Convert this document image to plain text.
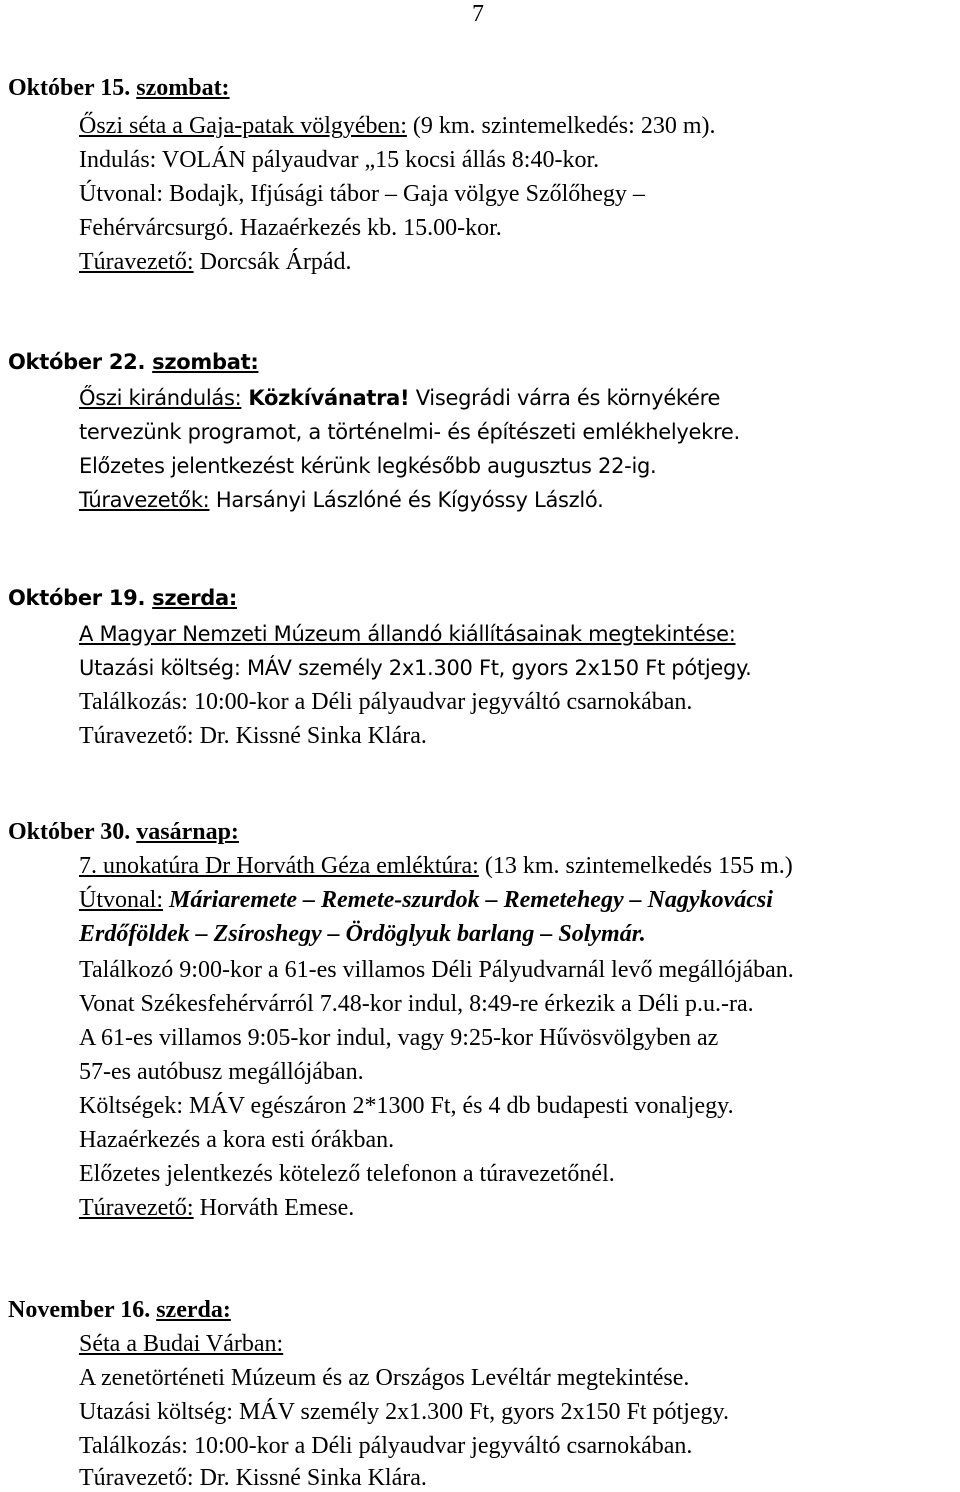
7
Október 15. szombat:
Őszi séta a Gaja-patak völgyében: (9 km. szintemelkedés: 230 m).
Indulás: VOLÁN pályaudvar „15 kocsi állás 8:40-kor.
Útvonal: Bodajk, Ifjúsági tábor – Gaja völgye Szőlőhegy –
Fehérvárcsurgó. Hazaérkezés kb. 15.00-kor.
Túravezető: Dorcsák Árpád.
Október 22. szombat:
Őszi kirándulás: Közkívánatra! Visegrádi várra és környékére
tervezünk programot, a történelmi- és építészeti emlékhelyekre.
Előzetes jelentkezést kérünk legkésőbb augusztus 22-ig.
Túravezetők: Harsányi Lászlóné és Kígyóssy László.
Október 19. szerda:
A Magyar Nemzeti Múzeum állandó kiállításainak megtekintése:
Utazási költség: MÁV személy 2x1.300 Ft, gyors 2x150 Ft pótjegy.
Találkozás: 10:00-kor a Déli pályaudvar jegyváltó csarnokában.
Túravezető: Dr. Kissné Sinka Klára.
Október 30. vasárnap:
7. unokatúra Dr Horváth Géza emléktúra: (13 km. szintemelkedés 155 m.)
Útvonal: Máriaremete – Remete-szurdok – Remetehegy – Nagykovácsi
Erdőföldek – Zsíroshegy – Ördöglyuk barlang – Solymár.
Találkozó 9:00-kor a 61-es villamos Déli Pályudvarnál levő megállójában.
Vonat Székesfehérvárról 7.48-kor indul, 8:49-re érkezik a Déli p.u.-ra.
A 61-es villamos 9:05-kor indul, vagy 9:25-kor Hűvösvölgyben az
57-es autóbusz megállójában.
Költségek: MÁV egészáron 2*1300 Ft, és 4 db budapesti vonaljegy.
Hazaérkezés a kora esti órákban.
Előzetes jelentkezés kötelező telefonon a túravezetőnél.
Túravezető: Horváth Emese.
November 16. szerda:
Séta a Budai Várban:
A zenetörténeti Múzeum és az Országos Levéltár megtekintése.
Utazási költség: MÁV személy 2x1.300 Ft, gyors 2x150 Ft pótjegy.
Találkozás: 10:00-kor a Déli pályaudvar jegyváltó csarnokában.
Túravezető: Dr. Kissné Sinka Klára.
